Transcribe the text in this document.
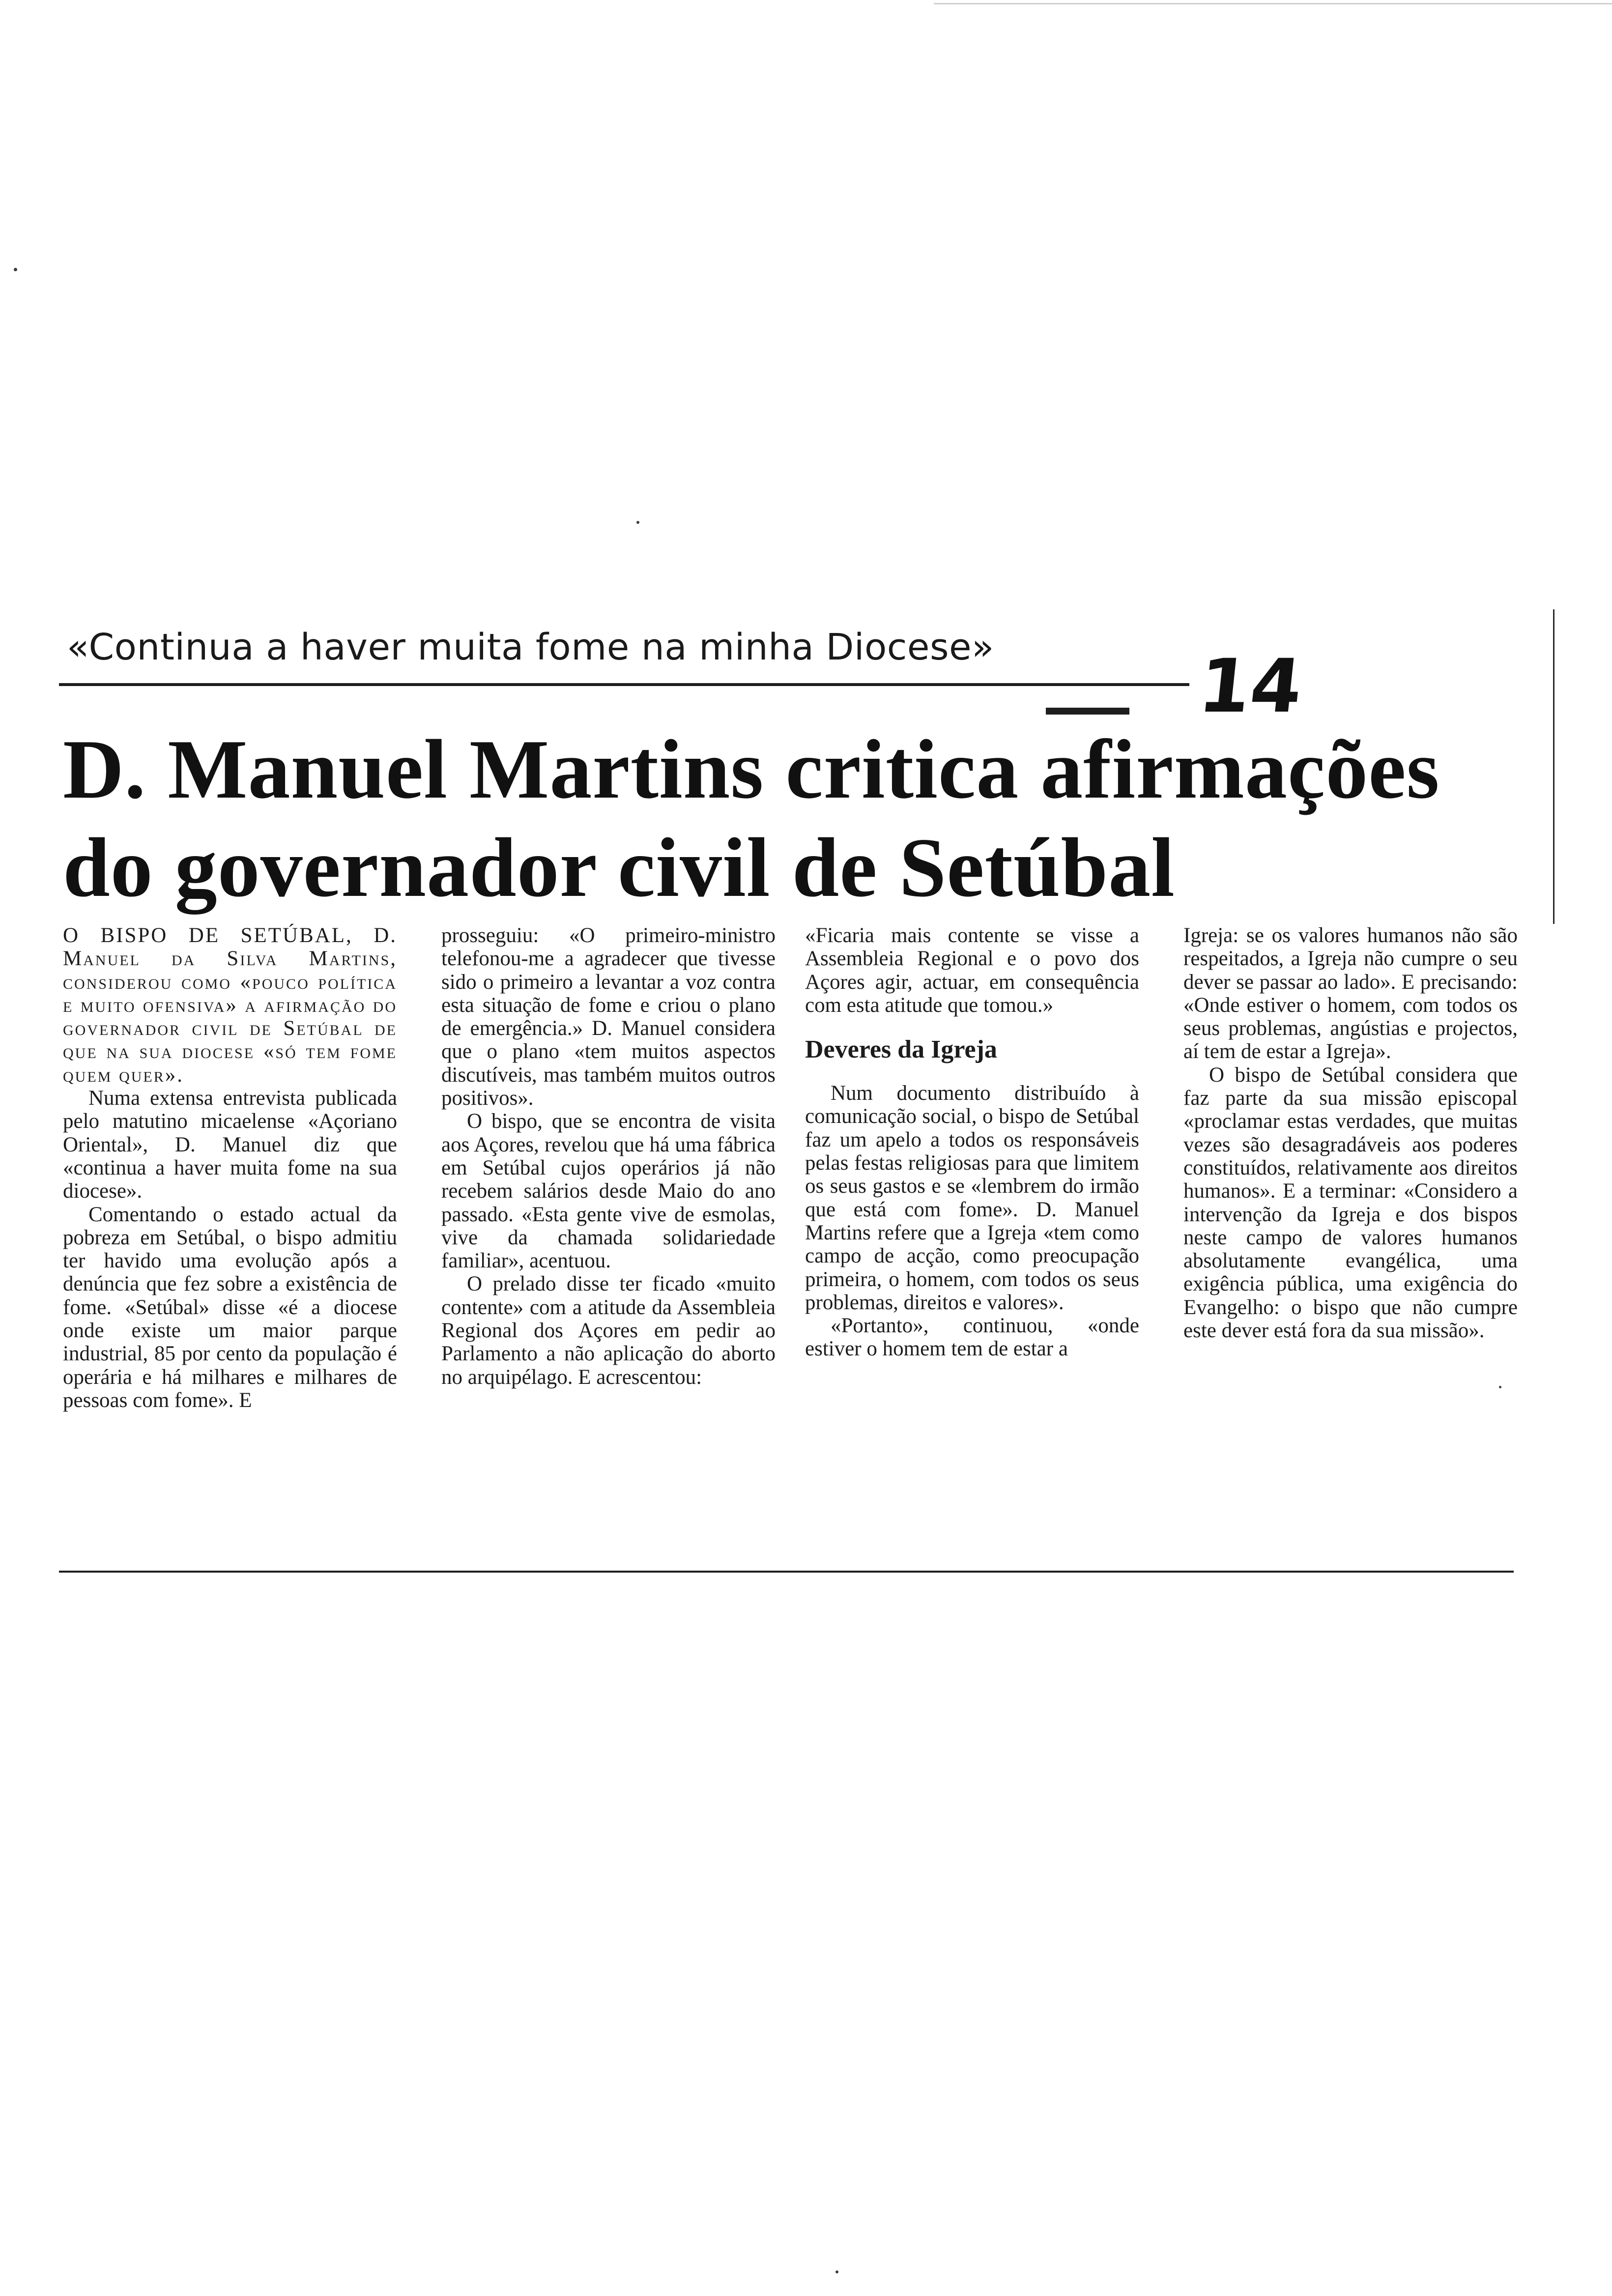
«Continua a haver muita fome na minha Diocese»	14
D. Manuel Martins critica afirmações
do governador civil de Setúbal

O BISPO DE SETÚBAL, D. Manuel da Silva Martins, considerou como «pouco política e muito ofensiva» a afirmação do governador civil de Setúbal de que na sua diocese «só tem fome quem quer».

Numa extensa entrevista publicada pelo matutino micaelense «Açoriano Oriental», D. Manuel diz que «continua a haver muita fome na sua diocese».

Comentando o estado actual da pobreza em Setúbal, o bispo admitiu ter havido uma evolução após a denúncia que fez sobre a existência de fome. «Setúbal» disse «é a diocese onde existe um maior parque industrial, 85 por cento da população é operária e há milhares e milhares de pessoas com fome». E

prosseguiu: «O primeiro-ministro telefonou-me a agradecer que tivesse sido o primeiro a levantar a voz contra esta situação de fome e criou o plano de emergência.» D. Manuel considera que o plano «tem muitos aspectos discutíveis, mas também muitos outros positivos».

O bispo, que se encontra de visita aos Açores, revelou que há uma fábrica em Setúbal cujos operários já não recebem salários desde Maio do ano passado. «Esta gente vive de esmolas, vive da chamada solidariedade familiar», acentuou.

O prelado disse ter ficado «muito contente» com a atitude da Assembleia Regional dos Açores em pedir ao Parlamento a não aplicação do aborto no arquipélago. E acrescentou:

«Ficaria mais contente se visse a Assembleia Regional e o povo dos Açores agir, actuar, em consequência com esta atitude que tomou.»

Deveres da Igreja

Num documento distribuído à comunicação social, o bispo de Setúbal faz um apelo a todos os responsáveis pelas festas religiosas para que limitem os seus gastos e se «lembrem do irmão que está com fome». D. Manuel Martins refere que a Igreja «tem como campo de acção, como preocupação primeira, o homem, com todos os seus problemas, direitos e valores».

«Portanto», continuou, «onde estiver o homem tem de estar a

Igreja: se os valores humanos não são respeitados, a Igreja não cumpre o seu dever se passar ao lado». E precisando: «Onde estiver o homem, com todos os seus problemas, angústias e projectos, aí tem de estar a Igreja».

O bispo de Setúbal considera que faz parte da sua missão episcopal «proclamar estas verdades, que muitas vezes são desagradáveis aos poderes constituídos, relativamente aos direitos humanos». E a terminar: «Considero a intervenção da Igreja e dos bispos neste campo de valores humanos absolutamente evangélica, uma exigência pública, uma exigência do Evangelho: o bispo que não cumpre este dever está fora da sua missão».
